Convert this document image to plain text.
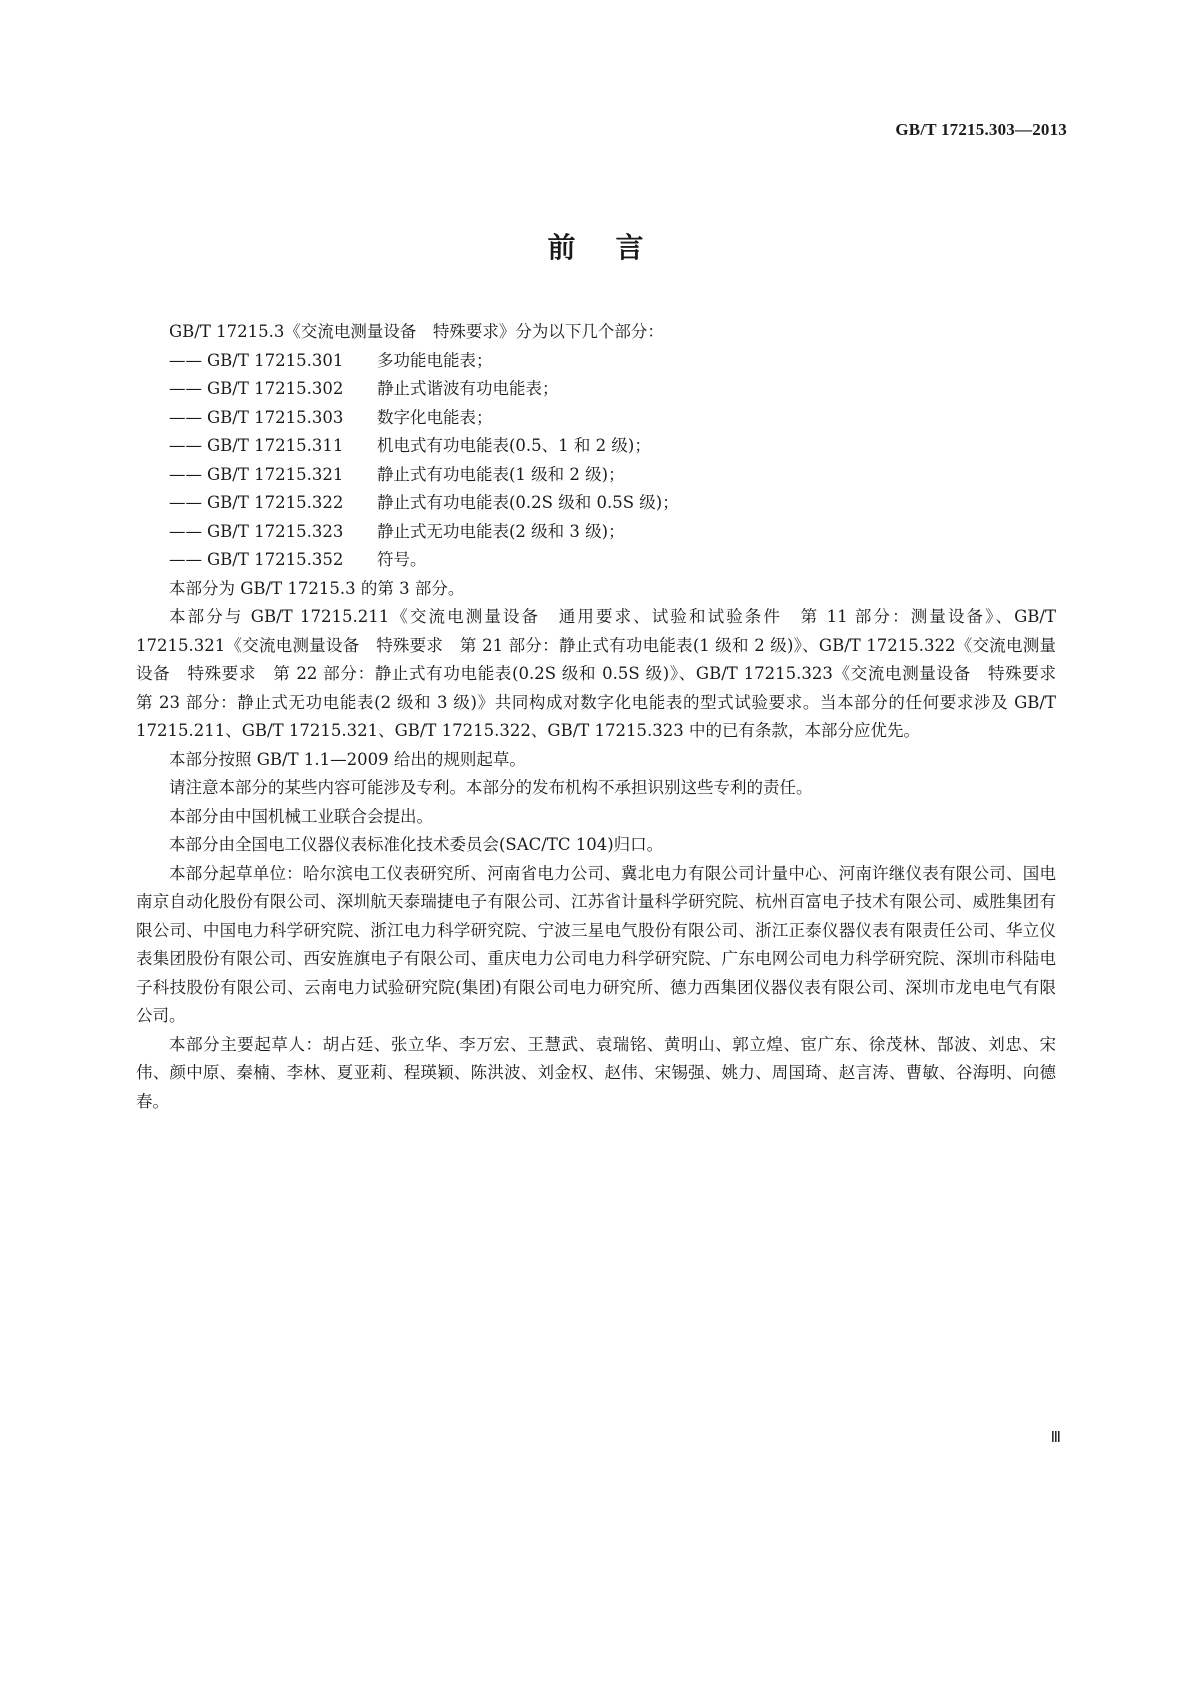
GB/T 17215.303—2013
前言

GB/T 17215.3《交流电测量设备　特殊要求》分为以下几个部分：

—— GB/T 17215.301 多功能电能表；
—— GB/T 17215.302 静止式谐波有功电能表；
—— GB/T 17215.303 数字化电能表；
—— GB/T 17215.311 机电式有功电能表(0.5、1 和 2 级)；
—— GB/T 17215.321 静止式有功电能表(1 级和 2 级)；
—— GB/T 17215.322 静止式有功电能表(0.2S 级和 0.5S 级)；
—— GB/T 17215.323 静止式无功电能表(2 级和 3 级)；
—— GB/T 17215.352 符号。

本部分为 GB/T 17215.3 的第 3 部分。

本部分与 GB/T 17215.211《交流电测量设备　通用要求、试验和试验条件　第 11 部分：测量设备》、GB/T 17215.321《交流电测量设备　特殊要求　第 21 部分：静止式有功电能表(1 级和 2 级)》、GB/T 17215.322《交流电测量设备　特殊要求　第 22 部分：静止式有功电能表(0.2S 级和 0.5S 级)》、GB/T 17215.323《交流电测量设备　特殊要求　第 23 部分：静止式无功电能表(2 级和 3 级)》共同构成对数字化电能表的型式试验要求。当本部分的任何要求涉及 GB/T 17215.211、GB/T 17215.321、GB/T 17215.322、GB/T 17215.323 中的已有条款，本部分应优先。

本部分按照 GB/T 1.1—2009 给出的规则起草。

请注意本部分的某些内容可能涉及专利。本部分的发布机构不承担识别这些专利的责任。

本部分由中国机械工业联合会提出。

本部分由全国电工仪器仪表标准化技术委员会(SAC/TC 104)归口。

本部分起草单位：哈尔滨电工仪表研究所、河南省电力公司、冀北电力有限公司计量中心、河南许继仪表有限公司、国电南京自动化股份有限公司、深圳航天泰瑞捷电子有限公司、江苏省计量科学研究院、杭州百富电子技术有限公司、威胜集团有限公司、中国电力科学研究院、浙江电力科学研究院、宁波三星电气股份有限公司、浙江正泰仪器仪表有限责任公司、华立仪表集团股份有限公司、西安旌旗电子有限公司、重庆电力公司电力科学研究院、广东电网公司电力科学研究院、深圳市科陆电子科技股份有限公司、云南电力试验研究院(集团)有限公司电力研究所、德力西集团仪器仪表有限公司、深圳市龙电电气有限公司。

本部分主要起草人：胡占廷、张立华、李万宏、王慧武、袁瑞铭、黄明山、郭立煌、宦广东、徐茂林、郜波、刘忠、宋伟、颜中原、秦楠、李林、夏亚莉、程瑛颖、陈洪波、刘金权、赵伟、宋锡强、姚力、周国琦、赵言涛、曹敏、谷海明、向德春。

Ⅲ
